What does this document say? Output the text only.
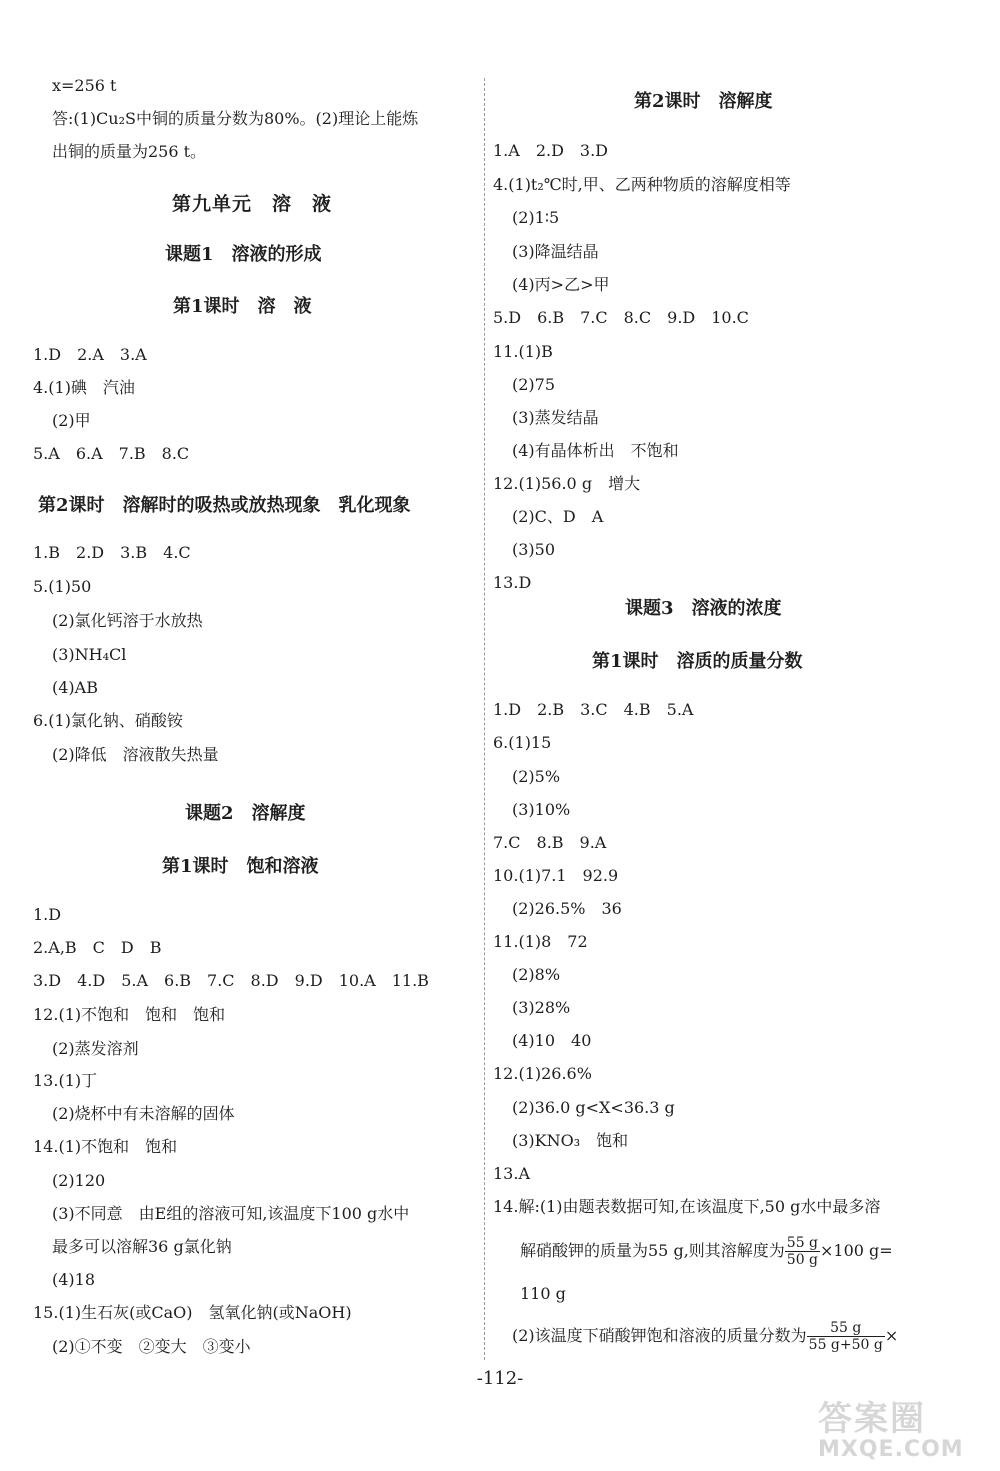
x=256 t
答:(1)Cu₂S中铜的质量分数为80%。(2)理论上能炼
出铜的质量为256 t。
第九单元　溶　液
课题1　溶液的形成
第1课时　溶　液
1.D　2.A　3.A
4.(1)碘　汽油
(2)甲
5.A　6.A　7.B　8.C
第2课时　溶解时的吸热或放热现象　乳化现象
1.B　2.D　3.B　4.C
5.(1)50
(2)氯化钙溶于水放热
(3)NH₄Cl
(4)AB
6.(1)氯化钠、硝酸铵
(2)降低　溶液散失热量
课题2　溶解度
第1课时　饱和溶液
1.D
2.A,B　C　D　B
3.D　4.D　5.A　6.B　7.C　8.D　9.D　10.A　11.B
12.(1)不饱和　饱和　饱和
(2)蒸发溶剂
13.(1)丁
(2)烧杯中有未溶解的固体
14.(1)不饱和　饱和
(2)120
(3)不同意　由E组的溶液可知,该温度下100 g水中
最多可以溶解36 g氯化钠
(4)18
15.(1)生石灰(或CaO)　氢氧化钠(或NaOH)
(2)①不变　②变大　③变小
第2课时　溶解度
1.A　2.D　3.D
4.(1)t₂℃时,甲、乙两种物质的溶解度相等
(2)1∶5
(3)降温结晶
(4)丙>乙>甲
5.D　6.B　7.C　8.C　9.D　10.C
11.(1)B
(2)75
(3)蒸发结晶
(4)有晶体析出　不饱和
12.(1)56.0 g　增大
(2)C、D　A
(3)50
13.D
课题3　溶液的浓度
第1课时　溶质的质量分数
1.D　2.B　3.C　4.B　5.A
6.(1)15
(2)5%
(3)10%
7.C　8.B　9.A
10.(1)7.1　92.9
(2)26.5%　36
11.(1)8　72
(2)8%
(3)28%
(4)10　40
12.(1)26.6%
(2)36.0 g<X<36.3 g
(3)KNO₃　饱和
13.A
14.解:(1)由题表数据可知,在该温度下,50 g水中最多溶
解硝酸钾的质量为55 g,则其溶解度为 $\frac{55 g}{50 g} \times 100$ g=
110 g
(2)该温度下硝酸钾饱和溶液的质量分数为 $\frac{55 g}{55 g+50 g}$ ×
-112-
答案圈
MXQE.COM
